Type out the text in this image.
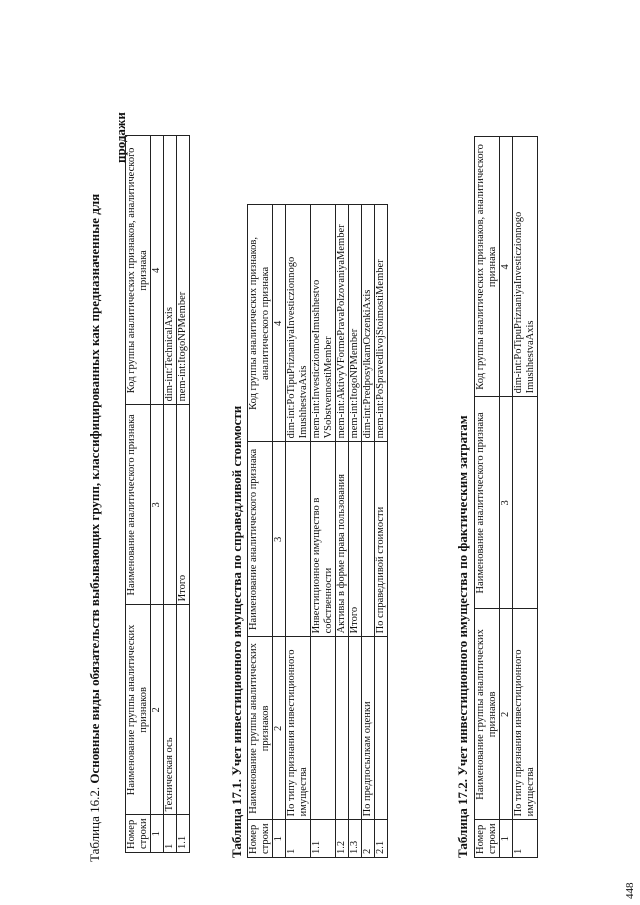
448
Таблица 16.2. Основные виды обязательств выбывающих групп, классифицированных как предназначенные для
продажи
Номер строки	Наименование группы аналитических признаков	Наименование аналитического признака	Код группы аналитических признаков, аналитического признака
1	2	3	4
1	Техническая ось		dim-int:TechnicalAxis
1.1		Итого	mem-int:ItogoNPMember
Таблица 17.1. Учет инвестиционного имущества по справедливой стоимости Номер строки	Наименование группы аналитических признаков	Наименование аналитического признака	Код группы аналитических признаков, аналитического признака
1	2	3	4
1	По типу признания инвестиционного имущества		dim-int:PoTipuPriznaniyaInvesticzionnogo ImushhestvaAxis
1.1		Инвестиционное имущество в собственности	mem-int:InvesticzionnoeImushhestvo VSobstvennostiMember
1.2		Активы в форме права пользования	mem-int:AktivyVFormePravaPolzovaniyaMember
1.3		Итого	mem-int:ItogoNPMember
2	По предпосылкам оценки		dim-int:PredposylkamOczenkiAxis
2.1		По справедливой стоимости	mem-int:PoSpravedlivojStoimostiMember
Таблица 17.2. Учет инвестиционного имущества по фактическим затратам Номер строки	Наименование группы аналитических признаков	Наименование аналитического признака	Код группы аналитических признаков, аналитического признака
1	2	3	4
1	По типу признания инвестиционного имущества		dim-int:PoTipuPriznaniyaInvesticzionnogo ImushhestvaAxis
